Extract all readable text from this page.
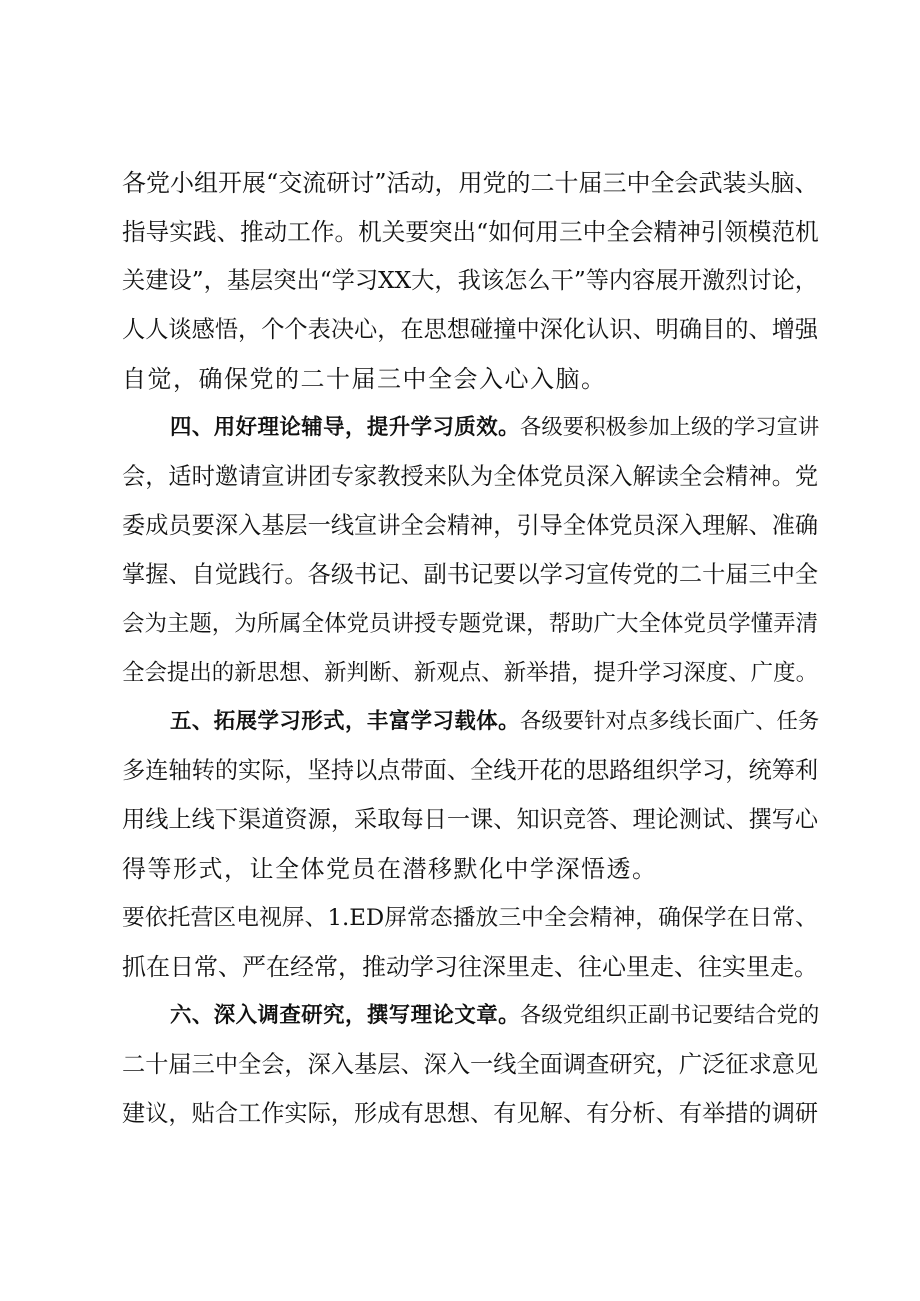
各党小组开展“交流研讨”活动，用党的二十届三中全会武装头脑、
指导实践、推动工作。机关要突出“如何用三中全会精神引领模范机
关建设”，基层突出“学习XX大，我该怎么干”等内容展开激烈讨论，
人人谈感悟，个个表决心，在思想碰撞中深化认识、明确目的、增强
自觉，确保党的二十届三中全会入心入脑。
四、用好理论辅导，提升学习质效。各级要积极参加上级的学习宣讲
会，适时邀请宣讲团专家教授来队为全体党员深入解读全会精神。党
委成员要深入基层一线宣讲全会精神，引导全体党员深入理解、准确
掌握、自觉践行。各级书记、副书记要以学习宣传党的二十届三中全
会为主题，为所属全体党员讲授专题党课，帮助广大全体党员学懂弄清
全会提出的新思想、新判断、新观点、新举措，提升学习深度、广度。
五、拓展学习形式，丰富学习载体。各级要针对点多线长面广、任务
多连轴转的实际，坚持以点带面、全线开花的思路组织学习，统筹利
用线上线下渠道资源，采取每日一课、知识竞答、理论测试、撰写心
得等形式，让全体党员在潜移默化中学深悟透。
要依托营区电视屏、1.ED屏常态播放三中全会精神，确保学在日常、
抓在日常、严在经常，推动学习往深里走、往心里走、往实里走。
六、深入调查研究，撰写理论文章。各级党组织正副书记要结合党的
二十届三中全会，深入基层、深入一线全面调查研究，广泛征求意见
建议，贴合工作实际，形成有思想、有见解、有分析、有举措的调研
